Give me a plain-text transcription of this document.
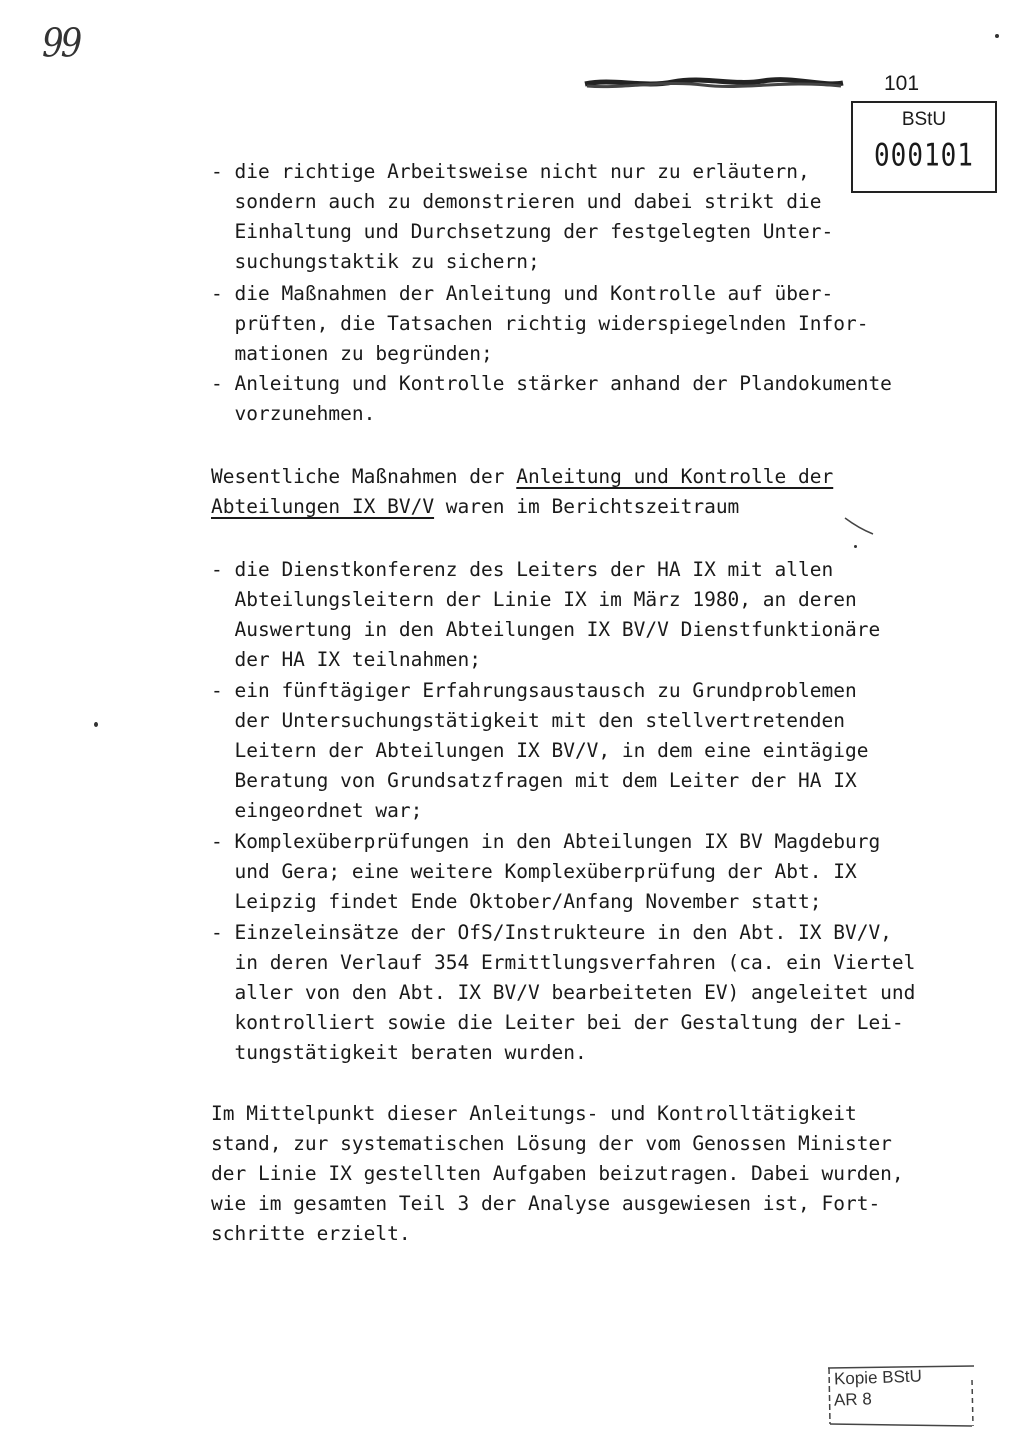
99
101
BStU
000101
- die richtige Arbeitsweise nicht nur zu erläutern,
sondern auch zu demonstrieren und dabei strikt die
Einhaltung und Durchsetzung der festgelegten Unter-
suchungstaktik zu sichern;
- die Maßnahmen der Anleitung und Kontrolle auf über-
prüften, die Tatsachen richtig widerspiegelnden Infor-
mationen zu begründen;
- Anleitung und Kontrolle stärker anhand der Plandokumente
vorzunehmen.
Wesentliche Maßnahmen der Anleitung und Kontrolle der
Abteilungen IX BV/V waren im Berichtszeitraum
- die Dienstkonferenz des Leiters der HA IX mit allen
Abteilungsleitern der Linie IX im März 1980, an deren
Auswertung in den Abteilungen IX BV/V Dienstfunktionäre
der HA IX teilnahmen;
- ein fünftägiger Erfahrungsaustausch zu Grundproblemen
der Untersuchungstätigkeit mit den stellvertretenden
Leitern der Abteilungen IX BV/V, in dem eine eintägige
Beratung von Grundsatzfragen mit dem Leiter der HA IX
eingeordnet war;
- Komplexüberprüfungen in den Abteilungen IX BV Magdeburg
und Gera; eine weitere Komplexüberprüfung der Abt. IX
Leipzig findet Ende Oktober/Anfang November statt;
- Einzeleinsätze der OfS/Instrukteure in den Abt. IX BV/V,
in deren Verlauf 354 Ermittlungsverfahren (ca. ein Viertel
aller von den Abt. IX BV/V bearbeiteten EV) angeleitet und
kontrolliert sowie die Leiter bei der Gestaltung der Lei-
tungstätigkeit beraten wurden.
Im Mittelpunkt dieser Anleitungs- und Kontrolltätigkeit
stand, zur systematischen Lösung der vom Genossen Minister
der Linie IX gestellten Aufgaben beizutragen. Dabei wurden,
wie im gesamten Teil 3 der Analyse ausgewiesen ist, Fort-
schritte erzielt.
Kopie BStU
AR 8
